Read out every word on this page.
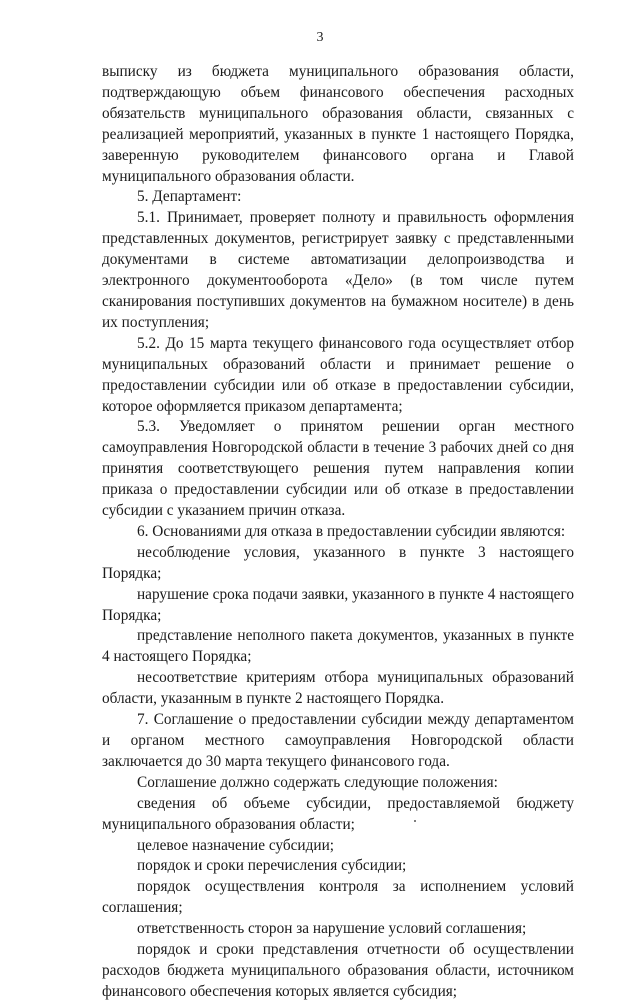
3

выписку из бюджета муниципального образования области, подтверждающую объем финансового обеспечения расходных обязательств муниципального образования области, связанных с реализацией мероприятий, указанных в пункте 1 настоящего Порядка, заверенную руководителем финансового органа и Главой муниципального образования области.

5. Департамент:

5.1. Принимает, проверяет полноту и правильность оформления представленных документов, регистрирует заявку с представленными документами в системе автоматизации делопроизводства и электронного документооборота «Дело» (в том числе путем сканирования поступивших документов на бумажном носителе) в день их поступления;

5.2. До 15 марта текущего финансового года осуществляет отбор муниципальных образований области и принимает решение о предоставлении субсидии или об отказе в предоставлении субсидии, которое оформляется приказом департамента;

5.3. Уведомляет о принятом решении орган местного самоуправления Новгородской области в течение 3 рабочих дней со дня принятия соответствующего решения путем направления копии приказа о предоставлении субсидии или об отказе в предоставлении субсидии с указанием причин отказа.

6. Основаниями для отказа в предоставлении субсидии являются:

несоблюдение условия, указанного в пункте 3 настоящего Порядка;

нарушение срока подачи заявки, указанного в пункте 4 настоящего Порядка;

представление неполного пакета документов, указанных в пункте 4 настоящего Порядка;

несоответствие критериям отбора муниципальных образований области, указанным в пункте 2 настоящего Порядка.

7. Соглашение о предоставлении субсидии между департаментом и органом местного самоуправления Новгородской области заключается до 30 марта текущего финансового года.

Соглашение должно содержать следующие положения:

сведения об объеме субсидии, предоставляемой бюджету муниципального образования области;

целевое назначение субсидии;

порядок и сроки перечисления субсидии;

порядок осуществления контроля за исполнением условий соглашения;

ответственность сторон за нарушение условий соглашения;

порядок и сроки представления отчетности об осуществлении расходов бюджета муниципального образования области, источником финансового обеспечения которых является субсидия;
